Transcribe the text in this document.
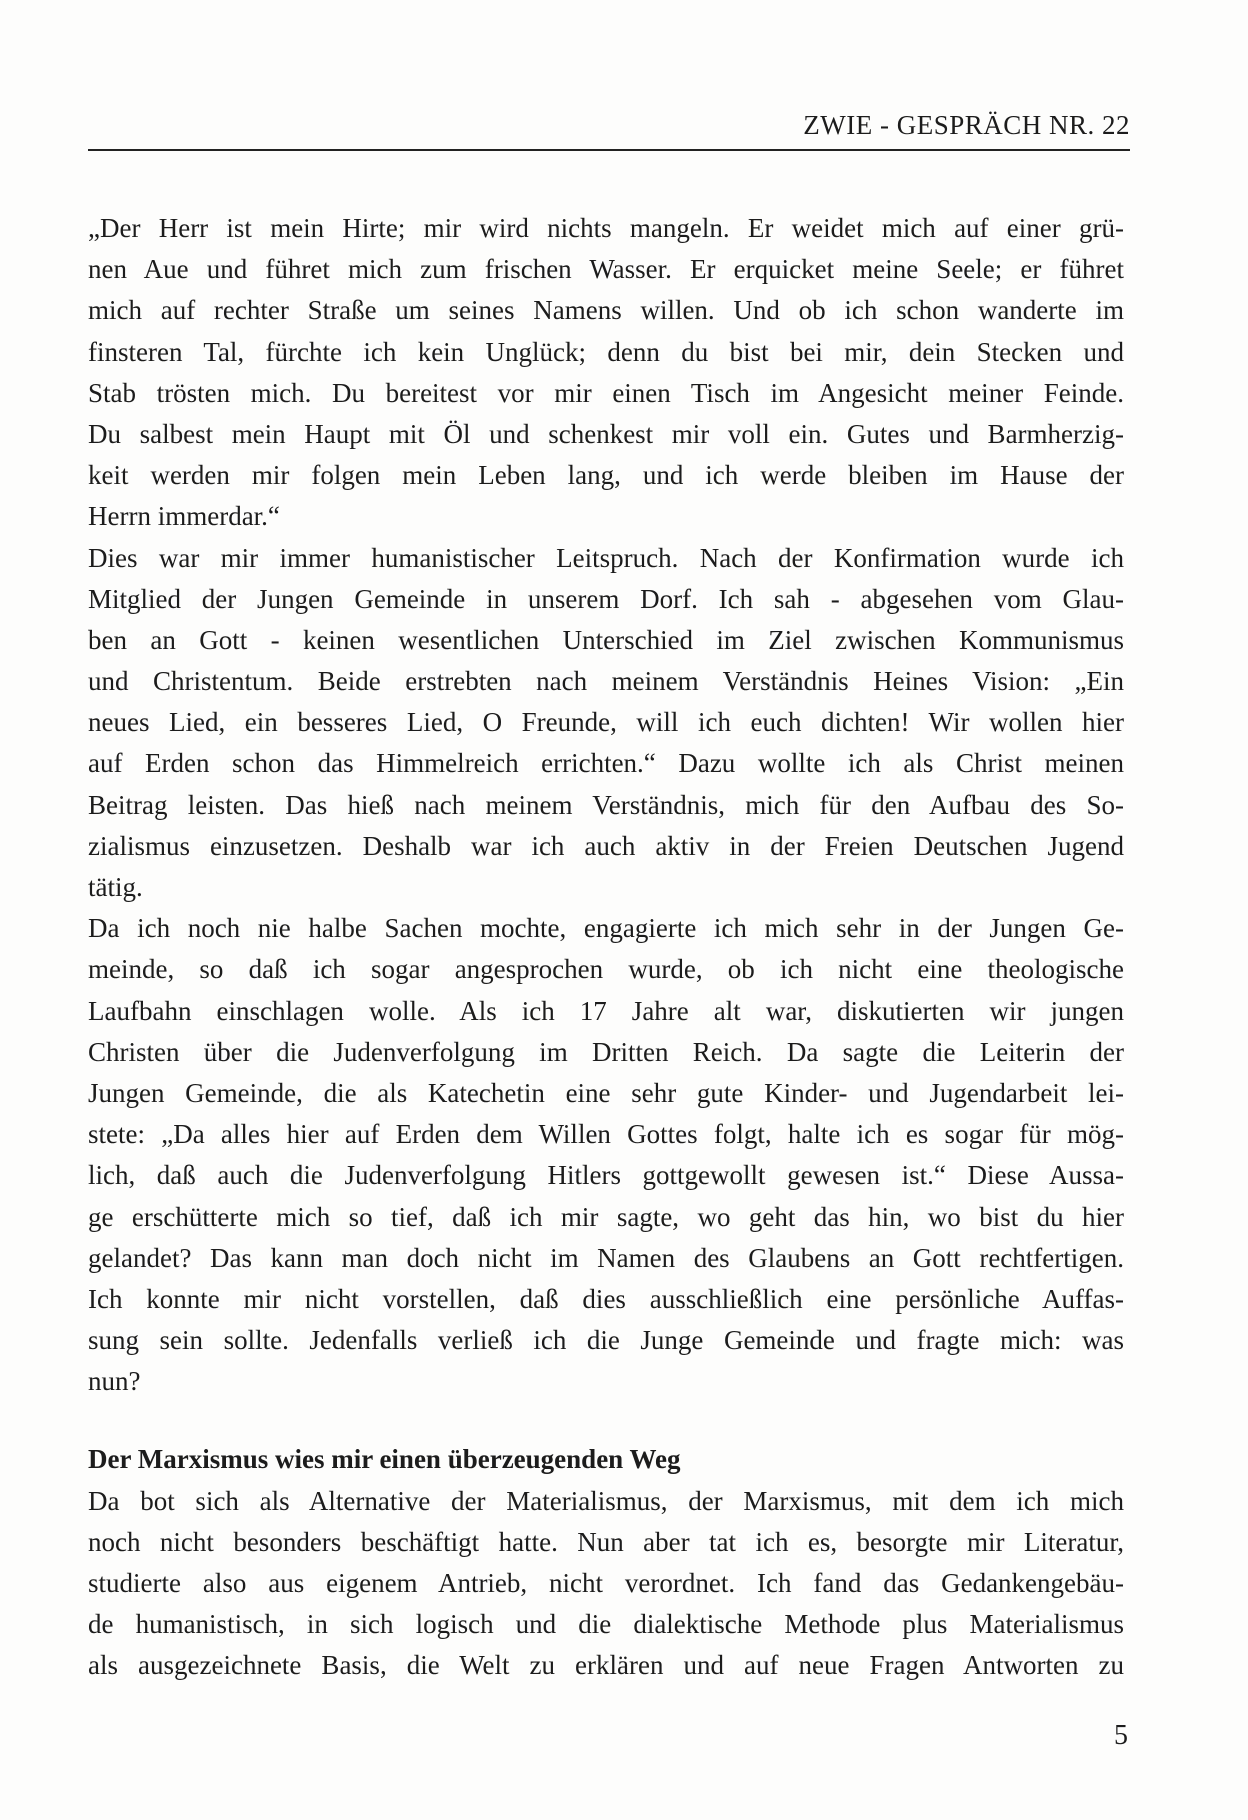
ZWIE - GESPRÄCH NR. 22
„Der Herr ist mein Hirte; mir wird nichts mangeln. Er weidet mich auf einer grü-
nen Aue und führet mich zum frischen Wasser. Er erquicket meine Seele; er führet
mich auf rechter Straße um seines Namens willen. Und ob ich schon wanderte im
finsteren Tal, fürchte ich kein Unglück; denn du bist bei mir, dein Stecken und
Stab trösten mich. Du bereitest vor mir einen Tisch im Angesicht meiner Feinde.
Du salbest mein Haupt mit Öl und schenkest mir voll ein. Gutes und Barmherzig-
keit werden mir folgen mein Leben lang, und ich werde bleiben im Hause der
Herrn immerdar.“
Dies war mir immer humanistischer Leitspruch. Nach der Konfirmation wurde ich
Mitglied der Jungen Gemeinde in unserem Dorf. Ich sah - abgesehen vom Glau-
ben an Gott - keinen wesentlichen Unterschied im Ziel zwischen Kommunismus
und Christentum. Beide erstrebten nach meinem Verständnis Heines Vision: „Ein
neues Lied, ein besseres Lied, O Freunde, will ich euch dichten! Wir wollen hier
auf Erden schon das Himmelreich errichten.“ Dazu wollte ich als Christ meinen
Beitrag leisten. Das hieß nach meinem Verständnis, mich für den Aufbau des So-
zialismus einzusetzen. Deshalb war ich auch aktiv in der Freien Deutschen Jugend
tätig.
Da ich noch nie halbe Sachen mochte, engagierte ich mich sehr in der Jungen Ge-
meinde, so daß ich sogar angesprochen wurde, ob ich nicht eine theologische
Laufbahn einschlagen wolle. Als ich 17 Jahre alt war, diskutierten wir jungen
Christen über die Judenverfolgung im Dritten Reich. Da sagte die Leiterin der
Jungen Gemeinde, die als Katechetin eine sehr gute Kinder- und Jugendarbeit lei-
stete: „Da alles hier auf Erden dem Willen Gottes folgt, halte ich es sogar für mög-
lich, daß auch die Judenverfolgung Hitlers gottgewollt gewesen ist.“ Diese Aussa-
ge erschütterte mich so tief, daß ich mir sagte, wo geht das hin, wo bist du hier
gelandet? Das kann man doch nicht im Namen des Glaubens an Gott rechtfertigen.
Ich konnte mir nicht vorstellen, daß dies ausschließlich eine persönliche Auffas-
sung sein sollte. Jedenfalls verließ ich die Junge Gemeinde und fragte mich: was
nun?
Der Marxismus wies mir einen überzeugenden Weg
Da bot sich als Alternative der Materialismus, der Marxismus, mit dem ich mich
noch nicht besonders beschäftigt hatte. Nun aber tat ich es, besorgte mir Literatur,
studierte also aus eigenem Antrieb, nicht verordnet. Ich fand das Gedankengebäu-
de humanistisch, in sich logisch und die dialektische Methode plus Materialismus
als ausgezeichnete Basis, die Welt zu erklären und auf neue Fragen Antworten zu
5
